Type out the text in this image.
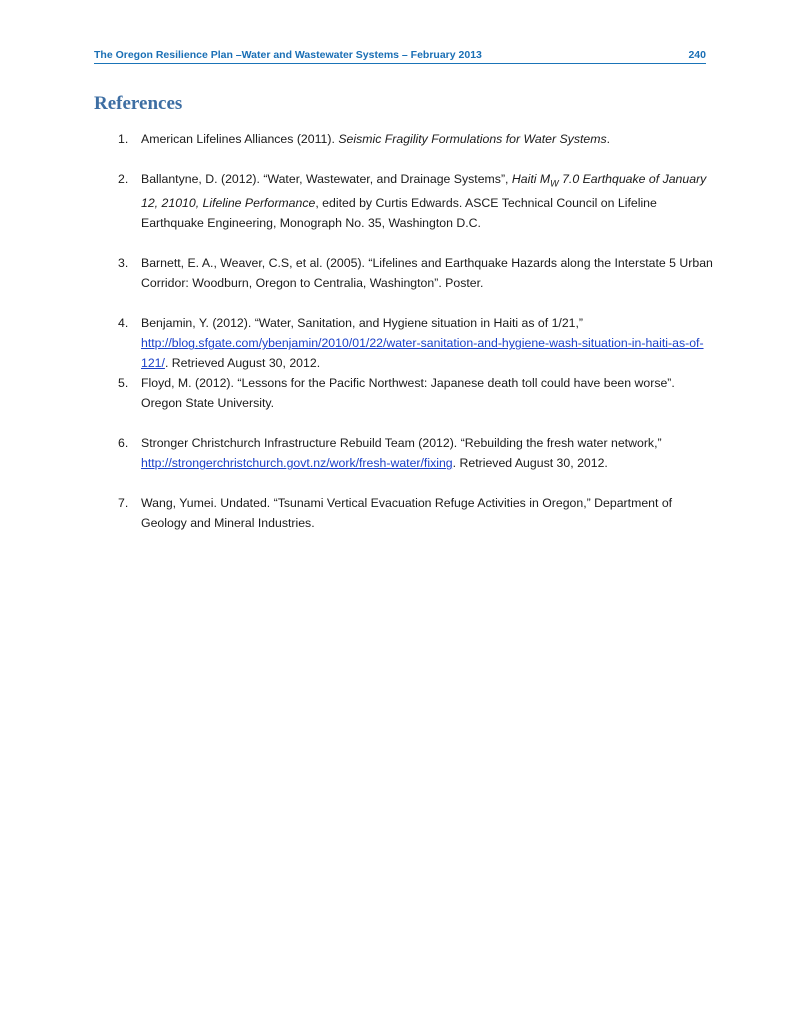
The Oregon Resilience Plan –Water and Wastewater Systems – February 2013	240
References
1. American Lifelines Alliances (2011). Seismic Fragility Formulations for Water Systems.
2. Ballantyne, D. (2012). “Water, Wastewater, and Drainage Systems”, Haiti $M_W$ 7.0 Earthquake of January 12, 21010, Lifeline Performance, edited by Curtis Edwards. ASCE Technical Council on Lifeline Earthquake Engineering, Monograph No. 35, Washington D.C.
3. Barnett, E. A., Weaver, C.S, et al. (2005). “Lifelines and Earthquake Hazards along the Interstate 5 Urban Corridor: Woodburn, Oregon to Centralia, Washington”. Poster.
4. Benjamin, Y. (2012). “Water, Sanitation, and Hygiene situation in Haiti as of 1/21,” http://blog.sfgate.com/ybenjamin/2010/01/22/water-sanitation-and-hygiene-wash-situation-in-haiti-as-of-121/. Retrieved August 30, 2012.
5. Floyd, M. (2012). “Lessons for the Pacific Northwest: Japanese death toll could have been worse”. Oregon State University.
6. Stronger Christchurch Infrastructure Rebuild Team (2012). “Rebuilding the fresh water network,” http://strongerchristchurch.govt.nz/work/fresh-water/fixing. Retrieved August 30, 2012.
7. Wang, Yumei. Undated. “Tsunami Vertical Evacuation Refuge Activities in Oregon,” Department of Geology and Mineral Industries.
